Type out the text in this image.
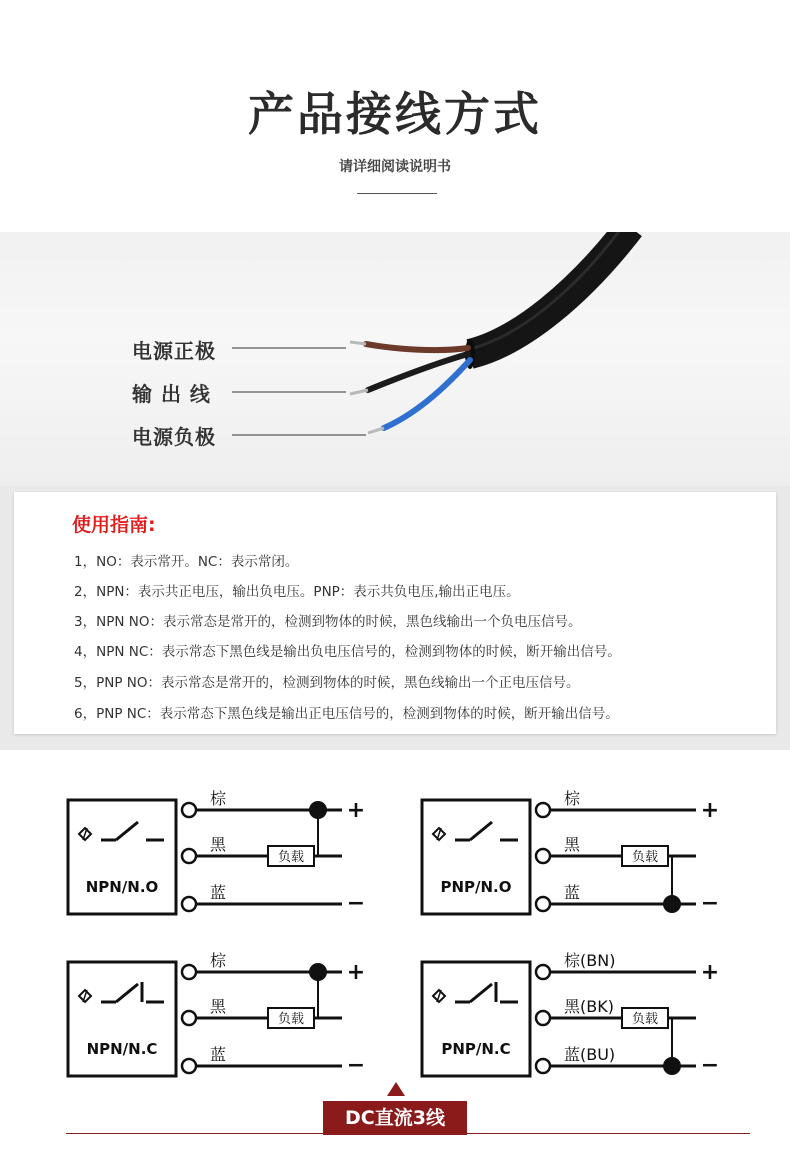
产品接线方式
请详细阅读说明书
电源正极
输 出 线
电源负极
使用指南:
1，NO：表示常开。NC：表示常闭。
2，NPN：表示共正电压，输出负电压。PNP：表示共负电压,输出正电压。
3，NPN NO：表示常态是常开的，检测到物体的时候，黑色线输出一个负电压信号。
4，NPN NC：表示常态下黑色线是输出负电压信号的，检测到物体的时候，断开输出信号。
5，PNP NO：表示常态是常开的，检测到物体的时候，黑色线输出一个正电压信号。
6，PNP NC：表示常态下黑色线是输出正电压信号的，检测到物体的时候，断开输出信号。
NPN/N.O
棕
黑
蓝
负载
+
−
PNP/N.O
棕
黑
蓝
负载
+
−
NPN/N.C
棕
黑
蓝
负载
+
−
PNP/N.C
棕(BN)
黑(BK)
蓝(BU)
负载
+
−
DC直流3线
